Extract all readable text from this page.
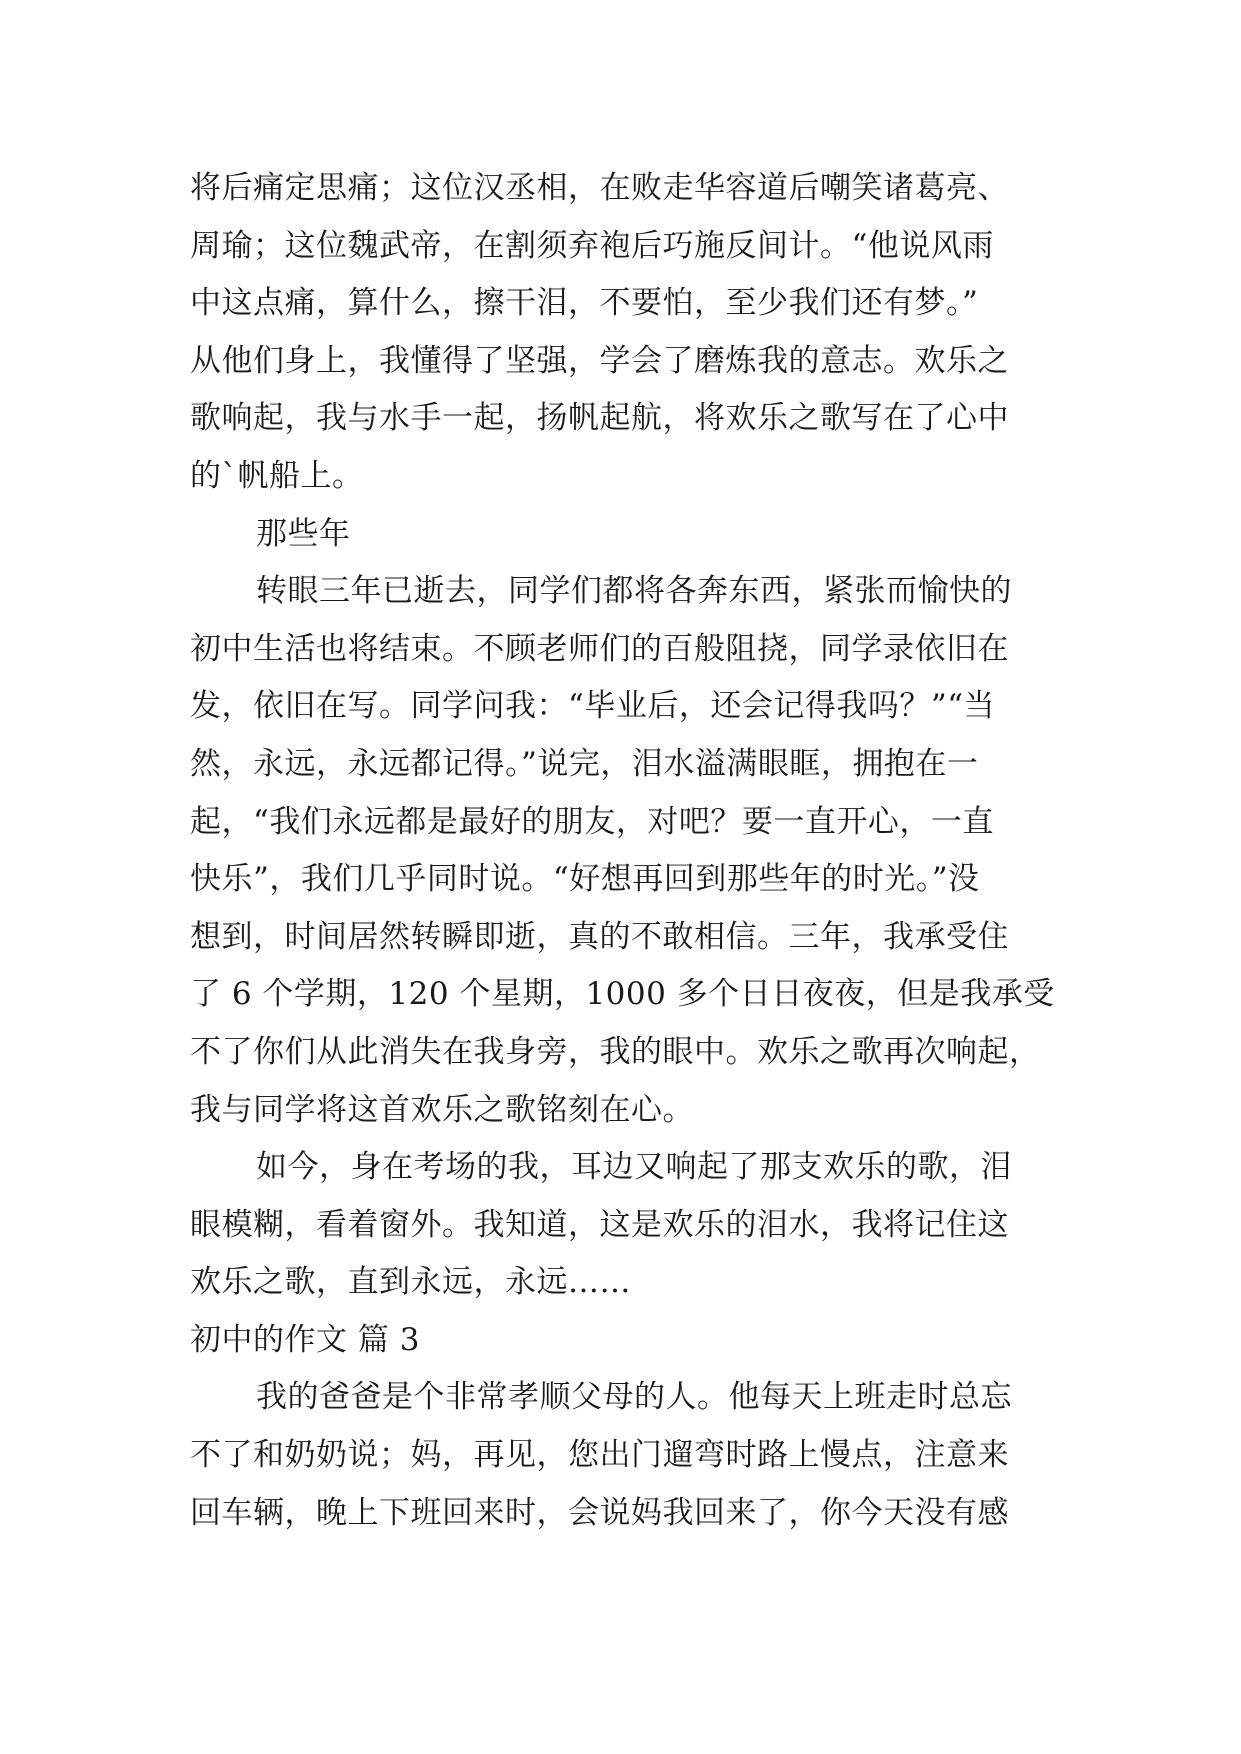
将后痛定思痛；这位汉丞相，在败走华容道后嘲笑诸葛亮、
周瑜；这位魏武帝，在割须弃袍后巧施反间计。“他说风雨
中这点痛，算什么，擦干泪，不要怕，至少我们还有梦。”
从他们身上，我懂得了坚强，学会了磨炼我的意志。欢乐之
歌响起，我与水手一起，扬帆起航，将欢乐之歌写在了心中
的`帆船上。
那些年
转眼三年已逝去，同学们都将各奔东西，紧张而愉快的
初中生活也将结束。不顾老师们的百般阻挠，同学录依旧在
发，依旧在写。同学问我：“毕业后，还会记得我吗？”“当
然，永远，永远都记得。”说完，泪水溢满眼眶，拥抱在一
起，“我们永远都是最好的朋友，对吧？要一直开心，一直
快乐”，我们几乎同时说。“好想再回到那些年的时光。”没
想到，时间居然转瞬即逝，真的不敢相信。三年，我承受住
了 6 个学期，120 个星期，1000 多个日日夜夜，但是我承受
不了你们从此消失在我身旁，我的眼中。欢乐之歌再次响起，
我与同学将这首欢乐之歌铭刻在心。
如今，身在考场的我，耳边又响起了那支欢乐的歌，泪
眼模糊，看着窗外。我知道，这是欢乐的泪水，我将记住这
欢乐之歌，直到永远，永远……
初中的作文 篇 3
我的爸爸是个非常孝顺父母的人。他每天上班走时总忘
不了和奶奶说；妈，再见，您出门遛弯时路上慢点，注意来
回车辆，晚上下班回来时，会说妈我回来了，你今天没有感
